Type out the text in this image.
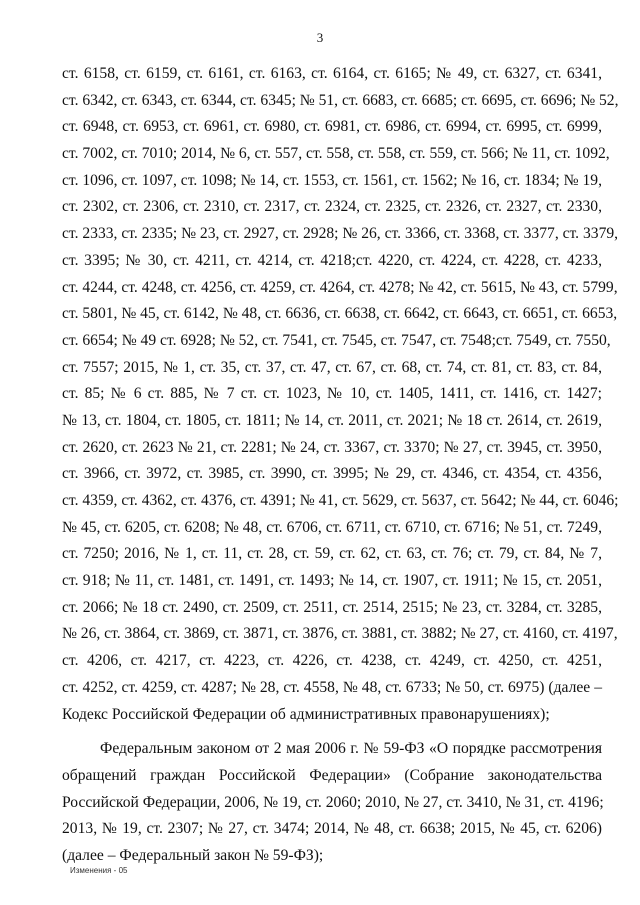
3
ст. 6158, ст. 6159, ст. 6161, ст. 6163, ст. 6164, ст. 6165; № 49, ст. 6327, ст. 6341,
ст. 6342, ст. 6343, ст. 6344, ст. 6345; № 51, ст. 6683, ст. 6685; ст. 6695, ст. 6696; № 52,
ст. 6948, ст. 6953, ст. 6961, ст. 6980, ст. 6981, ст. 6986, ст. 6994, ст. 6995, ст. 6999,
ст. 7002, ст. 7010; 2014, № 6, ст. 557, ст. 558, ст. 558, ст. 559, ст. 566; № 11, ст. 1092,
ст. 1096, ст. 1097, ст. 1098; № 14, ст. 1553, ст. 1561, ст. 1562; № 16, ст. 1834; № 19,
ст. 2302, ст. 2306, ст. 2310, ст. 2317, ст. 2324, ст. 2325, ст. 2326, ст. 2327, ст. 2330,
ст. 2333, ст. 2335; № 23, ст. 2927, ст. 2928; № 26, ст. 3366, ст. 3368, ст. 3377, ст. 3379,
ст. 3395; № 30, ст. 4211, ст. 4214, ст. 4218;ст. 4220, ст. 4224, ст. 4228, ст. 4233,
ст. 4244, ст. 4248, ст. 4256, ст. 4259, ст. 4264, ст. 4278; № 42, ст. 5615, № 43, ст. 5799,
ст. 5801, № 45, ст. 6142, № 48, ст. 6636, ст. 6638, ст. 6642, ст. 6643, ст. 6651, ст. 6653,
ст. 6654; № 49 ст. 6928; № 52, ст. 7541, ст. 7545, ст. 7547, ст. 7548;ст. 7549, ст. 7550,
ст. 7557; 2015, № 1, ст. 35, ст. 37, ст. 47, ст. 67, ст. 68, ст. 74, ст. 81, ст. 83, ст. 84,
ст. 85; № 6 ст. 885, № 7 ст. ст. 1023, № 10, ст. 1405, 1411, ст. 1416, ст. 1427;
№ 13, ст. 1804, ст. 1805, ст. 1811; № 14, ст. 2011, ст. 2021; № 18 ст. 2614, ст. 2619,
ст. 2620, ст. 2623 № 21, ст. 2281; № 24, ст. 3367, ст. 3370; № 27, ст. 3945, ст. 3950,
ст. 3966, ст. 3972, ст. 3985, ст. 3990, ст. 3995; № 29, ст. 4346, ст. 4354, ст. 4356,
ст. 4359, ст. 4362, ст. 4376, ст. 4391; № 41, ст. 5629, ст. 5637, ст. 5642; № 44, ст. 6046;
№ 45, ст. 6205, ст. 6208; № 48, ст. 6706, ст. 6711, ст. 6710, ст. 6716; № 51, ст. 7249,
ст. 7250; 2016, № 1, ст. 11, ст. 28, ст. 59, ст. 62, ст. 63, ст. 76; ст. 79, ст. 84, № 7,
ст. 918; № 11, ст. 1481, ст. 1491, ст. 1493; № 14, ст. 1907, ст. 1911; № 15, ст. 2051,
ст. 2066; № 18 ст. 2490, ст. 2509, ст. 2511, ст. 2514, 2515; № 23, ст. 3284, ст. 3285,
№ 26, ст. 3864, ст. 3869, ст. 3871, ст. 3876, ст. 3881, ст. 3882; № 27, ст. 4160, ст. 4197,
ст. 4206, ст. 4217, ст. 4223, ст. 4226, ст. 4238, ст. 4249, ст. 4250, ст. 4251,
ст. 4252, ст. 4259, ст. 4287; № 28, ст. 4558, № 48, ст. 6733; № 50, ст. 6975) (далее –
Кодекс Российской Федерации об административных правонарушениях);
Федеральным законом от 2 мая 2006 г. № 59-ФЗ «О порядке рассмотрения
обращений граждан Российской Федерации» (Собрание законодательства
Российской Федерации, 2006, № 19, ст. 2060; 2010, № 27, ст. 3410, № 31, ст. 4196;
2013, № 19, ст. 2307; № 27, ст. 3474; 2014, № 48, ст. 6638; 2015, № 45, ст. 6206)
(далее – Федеральный закон № 59-ФЗ);
Изменения - 05
